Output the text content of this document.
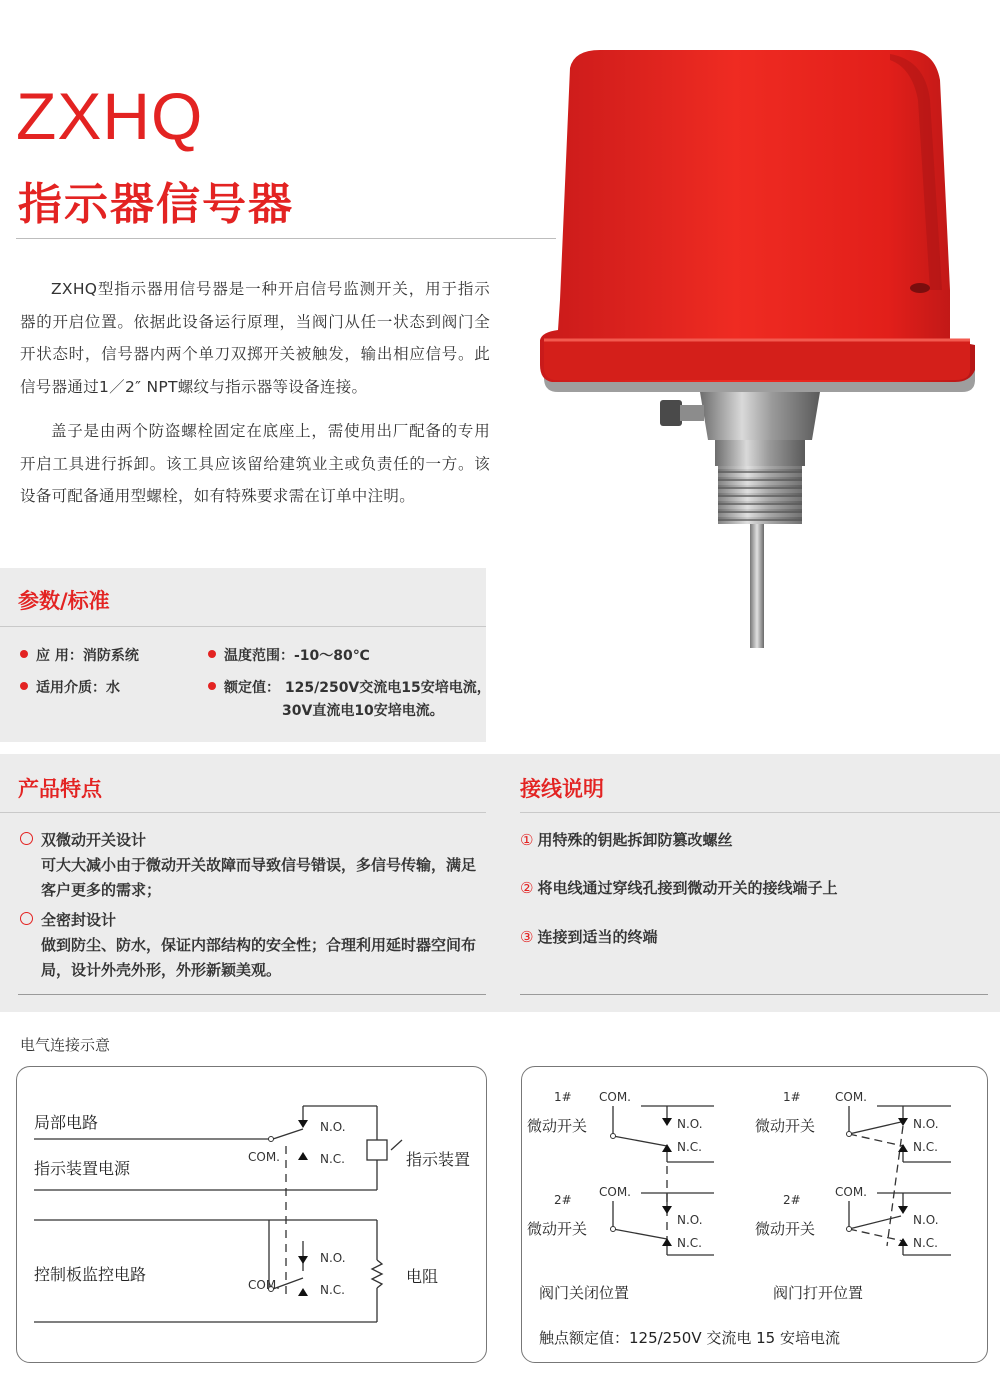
ZXHQ
指示器信号器

ZXHQ型指示器用信号器是一种开启信号监测开关，用于指示器的开启位置。依据此设备运行原理，当阀门从任一状态到阀门全开状态时，信号器内两个单刀双掷开关被触发，输出相应信号。此信号器通过1／2″ NPT螺纹与指示器等设备连接。

盖子是由两个防盗螺栓固定在底座上，需使用出厂配备的专用开启工具进行拆卸。该工具应该留给建筑业主或负责任的一方。该设备可配备通用型螺栓，如有特殊要求需在订单中注明。

参数/标准
应 用：消防系统	温度范围：-10～80℃
适用介质：水	额定值： 125/250V交流电15安培电流，
30V直流电10安培电流。
产品特点
双微动开关设计
可大大减小由于微动开关故障而导致信号错误，多信号传输，满足客户更多的需求；
全密封设计
做到防尘、防水，保证内部结构的安全性；合理利用延时器空间布局，设计外壳外形，外形新颖美观。
接线说明
① 用特殊的钥匙拆卸防篡改螺丝
② 将电线通过穿线孔接到微动开关的接线端子上
③ 连接到适当的终端
电气连接示意
N.O.
N.C.
COM.
N.O.
N.C.
COM.
局部电路
指示装置电源
控制板监控电路
指示装置
电阻
1# COM.
N.O.
N.C.
2#
COM.
N.O.
N.C.
1#	COM.
N.O.
N.C.
2#
COM.
N.O.
N.C.
微动开关
微动开关
微动开关
微动开关
阀门关闭位置	阀门打开位置
触点额定值：125/250V 交流电 15 安培电流
